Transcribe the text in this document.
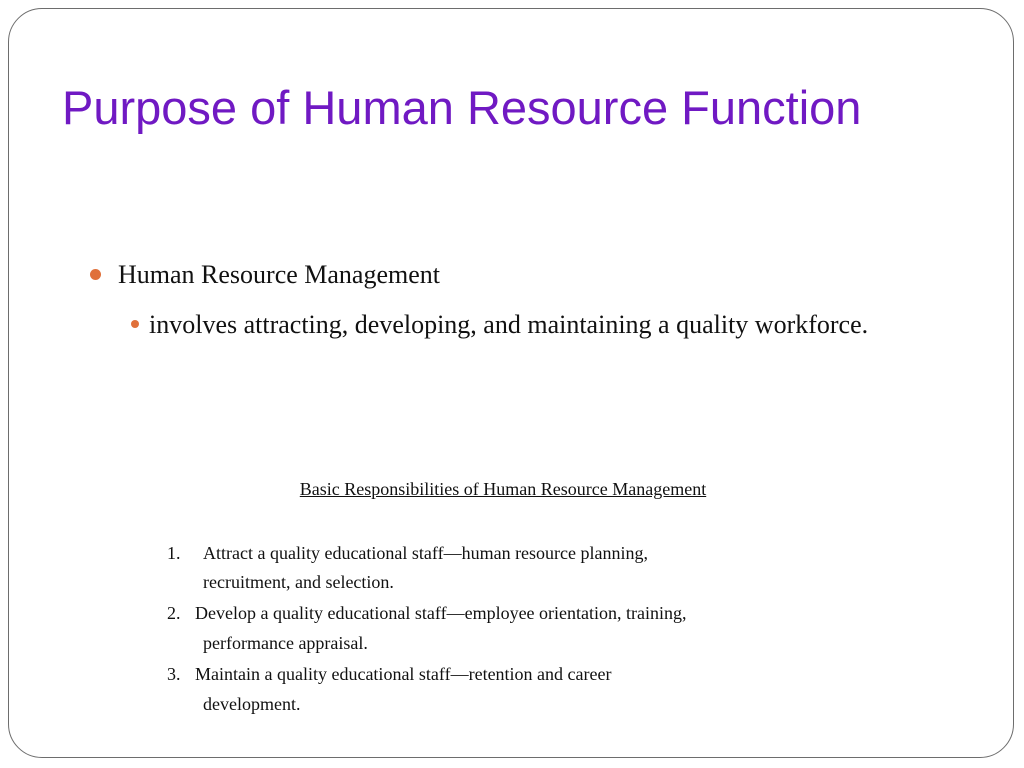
Purpose of Human Resource Function
Human Resource Management
involves attracting, developing, and maintaining a quality workforce.
Basic Responsibilities of Human Resource Management
1. Attract a quality educational staff—human resource planning,
recruitment, and selection.
2. Develop a quality educational staff—employee orientation, training,
performance appraisal.
3. Maintain a quality educational staff—retention and career
development.
